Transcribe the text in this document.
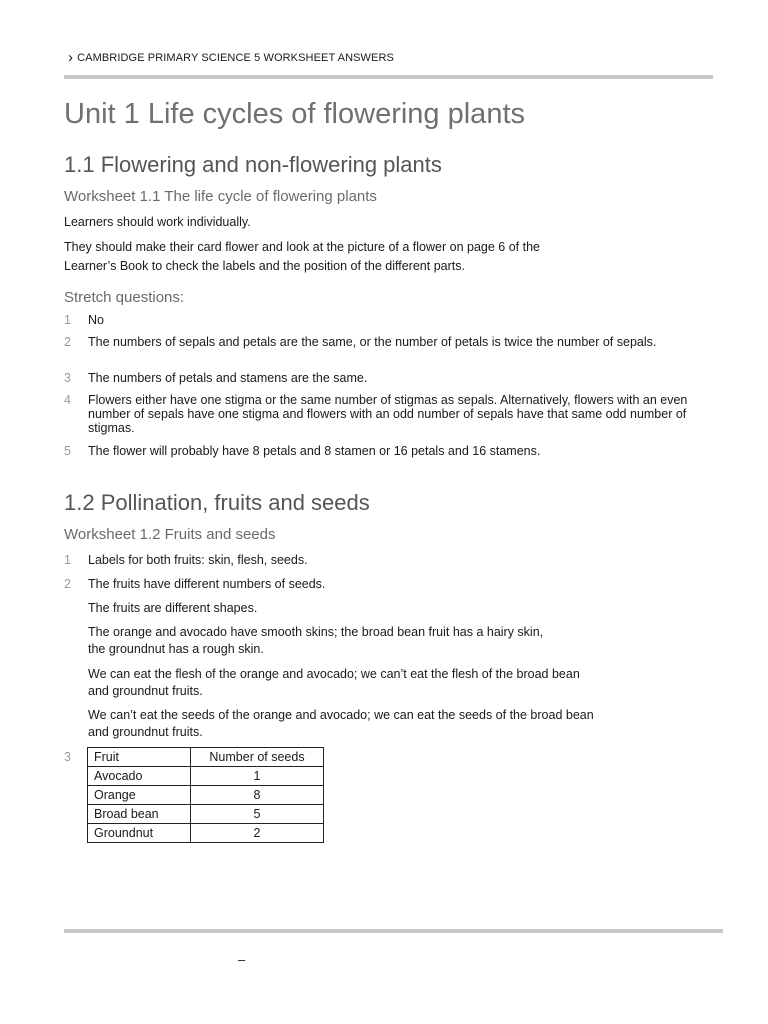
› CAMBRIDGE PRIMARY SCIENCE 5 WORKSHEET ANSWERS
Unit 1 Life cycles of flowering plants
1.1 Flowering and non-flowering plants
Worksheet 1.1 The life cycle of flowering plants

Learners should work individually.

They should make their card flower and look at the picture of a flower on page 6 of the

Learner’s Book to check the labels and the position of the different parts.

Stretch questions:
1	No
2	The numbers of sepals and petals are the same, or the number of petals is twice the number of sepals.
3	The numbers of petals and stamens are the same.
4	Flowers either have one stigma or the same number of stigmas as sepals. Alternatively, flowers with an even number of sepals have one stigma and flowers with an odd number of sepals have that same odd number of stigmas.
5	The flower will probably have 8 petals and 8 stamen or 16 petals and 16 stamens.
1.2 Pollination, fruits and seeds
Worksheet 1.2 Fruits and seeds
1	Labels for both fruits: skin, flesh, seeds.
2	The fruits have different numbers of seeds.

The fruits are different shapes.

The orange and avocado have smooth skins; the broad bean fruit has a hairy skin,

the groundnut has a rough skin.

We can eat the flesh of the orange and avocado; we can’t eat the flesh of the broad bean

and groundnut fruits.

We can’t eat the seeds of the orange and avocado; we can eat the seeds of the broad bean

and groundnut fruits.

3	Fruit	Number of seeds
Avocado	1
Orange	8
Broad bean	5
Groundnut	2
–
